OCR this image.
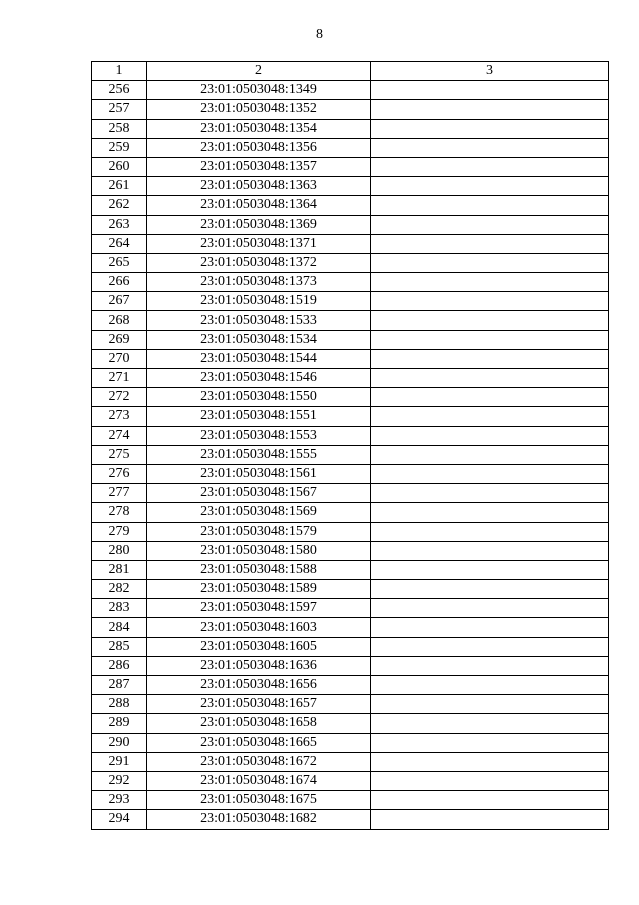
8
1	2	3
256	23:01:0503048:1349	
257	23:01:0503048:1352	
258	23:01:0503048:1354	
259	23:01:0503048:1356	
260	23:01:0503048:1357	
261	23:01:0503048:1363	
262	23:01:0503048:1364	
263	23:01:0503048:1369	
264	23:01:0503048:1371	
265	23:01:0503048:1372	
266	23:01:0503048:1373	
267	23:01:0503048:1519	
268	23:01:0503048:1533	
269	23:01:0503048:1534	
270	23:01:0503048:1544	
271	23:01:0503048:1546	
272	23:01:0503048:1550	
273	23:01:0503048:1551	
274	23:01:0503048:1553	
275	23:01:0503048:1555	
276	23:01:0503048:1561	
277	23:01:0503048:1567	
278	23:01:0503048:1569	
279	23:01:0503048:1579	
280	23:01:0503048:1580	
281	23:01:0503048:1588	
282	23:01:0503048:1589	
283	23:01:0503048:1597	
284	23:01:0503048:1603	
285	23:01:0503048:1605	
286	23:01:0503048:1636	
287	23:01:0503048:1656	
288	23:01:0503048:1657	
289	23:01:0503048:1658	
290	23:01:0503048:1665	
291	23:01:0503048:1672	
292	23:01:0503048:1674	
293	23:01:0503048:1675	
294	23:01:0503048:1682	
